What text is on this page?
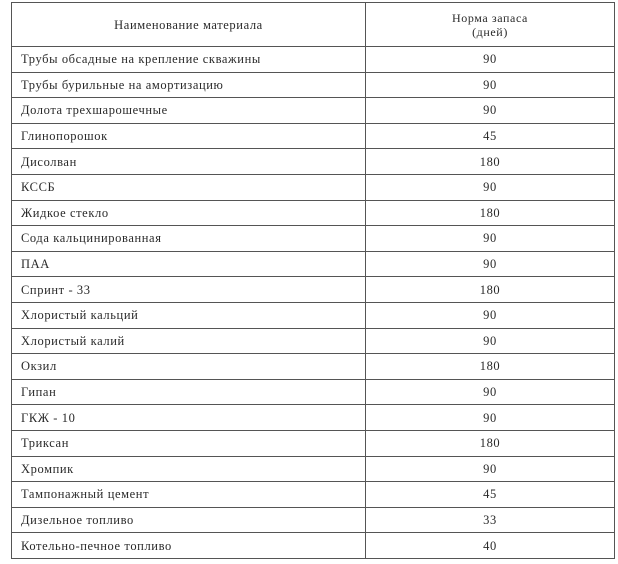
Наименование материала	Норма запаса
(дней)

Трубы обсадные на крепление скважины	90
Трубы бурильные на амортизацию	90
Долота трехшарошечные	90
Глинопорошок	45
Дисолван	180
КССБ	90
Жидкое стекло	180
Сода кальцинированная	90
ПАА	90
Спринт - 33	180
Хлористый кальций	90
Хлористый калий	90
Окзил	180
Гипан	90
ГКЖ - 10	90
Триксан	180
Хромпик	90
Тампонажный цемент	45
Дизельное топливо	33
Котельно-печное топливо	40
